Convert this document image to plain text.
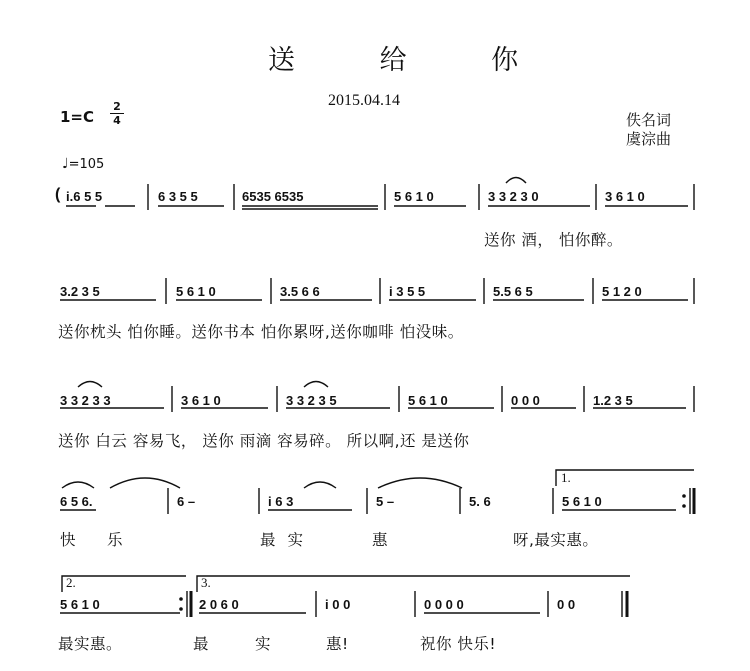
送 给 你
2015.04.14
佚名词
虞淙曲
1=C
2
4
♩=105
( i.6 5 5	6 3 5 5	6535 6535	5 6 1 0	3 3 2 3 0	3 6 1 0
送你 酒， 怕你醉。
3.2 3 5	5 6 1 0	3.5 6 6	i 3 5 5	5.5 6 5	5 1 2 0
送你枕头 怕你睡。送你书本 怕你累呀,送你咖啡 怕没味。
3 3 2 3 3	3 6 1 0	3 3 2 3 5	5 6 1 0	0 0 0	1.2 3 5
送你 白云 容易飞， 送你 雨滴 容易碎。 所以啊,还 是送你
1.
6 5 6.	6 –	i 6 3	5 –	5. 6	5 6 1 0
快 乐	最实	惠	呀,最实惠。
2.	3.
5 6 1 0	2 0 6 0	i 0 0	0 0 0 0	0 0
最实惠。	最	实	惠!	祝你 快乐!
